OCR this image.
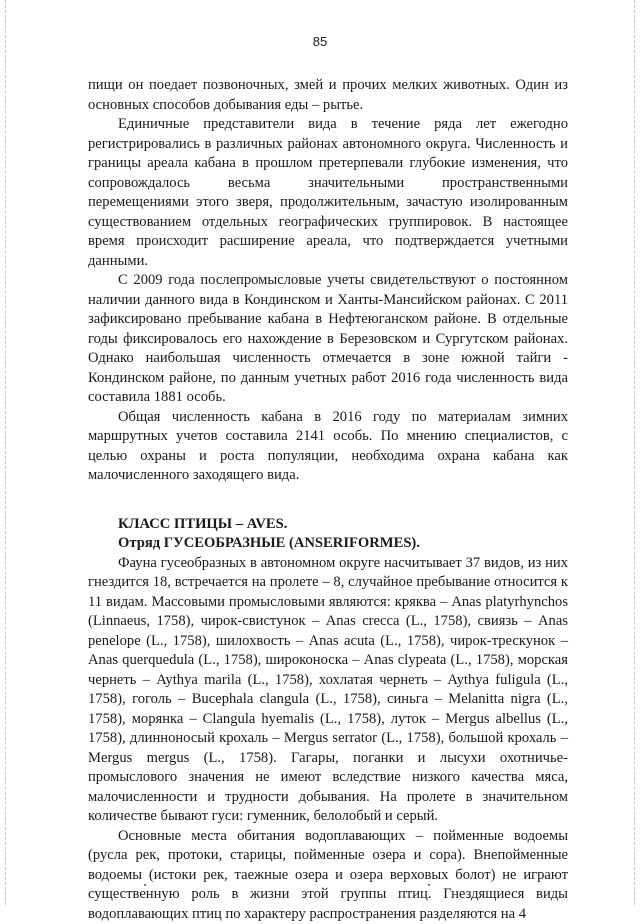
85

пищи он поедает позвоночных, змей и прочих мелких животных. Один из основных способов добывания еды – рытье.

Единичные представители вида в течение ряда лет ежегодно регистрировались в различных районах автономного округа. Численность и границы ареала кабана в прошлом претерпевали глубокие изменения, что сопровождалось весьма значительными пространственными перемещениями этого зверя, продолжительным, зачастую изолированным существованием отдельных географических группировок. В настоящее время происходит расширение ареала, что подтверждается учетными данными.

С 2009 года послепромысловые учеты свидетельствуют о постоянном наличии данного вида в Кондинском и Ханты-Мансийском районах. С 2011 зафиксировано пребывание кабана в Нефтеюганском районе. В отдельные годы фиксировалось его нахождение в Березовском и Сургутском районах. Однако наибольшая численность отмечается в зоне южной тайги - Кондинском районе, по данным учетных работ 2016 года численность вида составила 1881 особь.

Общая численность кабана в 2016 году по материалам зимних маршрутных учетов составила 2141 особь. По мнению специалистов, с целью охраны и роста популяции, необходима охрана кабана как малочисленного заходящего вида.

КЛАСС ПТИЦЫ – AVES.
Отряд ГУСЕОБРАЗНЫЕ (ANSERIFORMES).

Фауна гусеобразных в автономном округе насчитывает 37 видов, из них гнездится 18, встречается на пролете – 8, случайное пребывание относится к 11 видам. Массовыми промысловыми являются: кряква – Anas platyrhynchos (Linnaeus, 1758), чирок-свистунок – Anas crecca (L., 1758), свиязь – Anas penelope (L., 1758), шилохвость – Anas acuta (L., 1758), чирок-трескунок – Anas querquedula (L., 1758), широконоска – Anas clypeata (L., 1758), морская чернеть – Aythya marila (L., 1758), хохлатая чернеть – Aythya fuligula (L., 1758), гоголь – Bucephala clangula (L., 1758), синьга – Melanitta nigra (L., 1758), морянка – Clangula hyemalis (L., 1758), луток – Mergus albellus (L., 1758), длинноносый крохаль – Mergus serrator (L., 1758), большой крохаль – Mergus mergus (L., 1758). Гагары, поганки и лысухи охотничье-промыслового значения не имеют вследствие низкого качества мяса, малочисленности и трудности добывания. На пролете в значительном количестве бывают гуси: гуменник, белолобый и серый.

Основные места обитания водоплавающих – пойменные водоемы (русла рек, протоки, старицы, пойменные озера и сора). Внепойменные водоемы (истоки рек, таежные озера и озера верховых болот) не играют существенную роль в жизни этой группы птиц. Гнездящиеся виды водоплавающих птиц по характеру распространения разделяются на 4
